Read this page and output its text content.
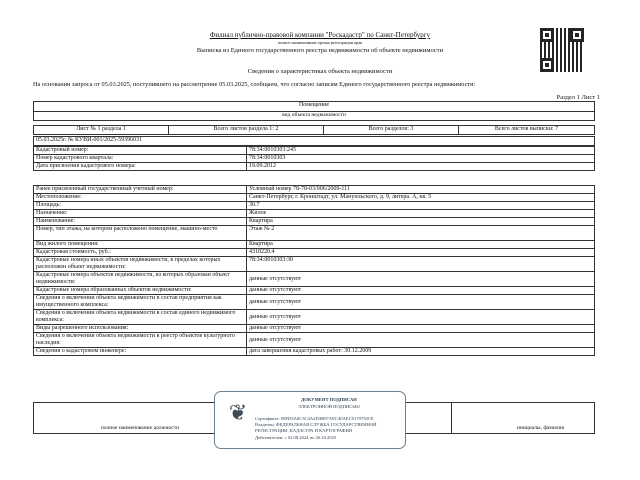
Филиал публично-правовой компании "Роскадастр" по Санкт-Петербургу
полное наименование органа регистрации прав
Выписка из Единого государственного реестра недвижимости об объекте недвижимости
Сведения о характеристиках объекта недвижимости
На основании запроса от 05.03.2025, поступившего на рассмотрение 05.03.2025, сообщаем, что согласно записям Единого государственного реестра недвижимости:
Раздел 1 Лист 1
Помещение
вид объекта недвижимости
Лист № 1 раздела 1	Всего листов раздела 1: 2	Всего разделов: 3	Всего листов выписки: 7
05.03.2025г. № КУВИ-001/2025-59396031
Кадастровый номер:	78:34:0010303:245
Номер кадастрового квартала:	78:34:0010303
Дата присвоения кадастрового номера:	19.09.2012
Ранее присвоенный государственный учетный номер:	Условный номер 78-78-03/006/2009-111
Местоположение:	Санкт-Петербург, г. Кронштадт, ул. Манунльского, д. 9, литера. А, кв. 5
Площадь:	30.7
Назначение:	Жилое
Наименование:	Квартира
Номер, тип этажа, на котором расположено помещение, машино-место	Этаж № 2
Вид жилого помещения:	Квартира
Кадастровая стоимость, руб.:	4310220.4
Кадастровые номера иных объектов недвижимости, в пределах которых расположен объект недвижимости:	78:34:0010303:30
Кадастровые номера объектов недвижимости, из которых образован объект недвижимости:	данные отсутствуют
Кадастровые номера образованных объектов недвижимости:	данные отсутствуют
Сведения о включении объекта недвижимости в состав предприятия как имущественного комплекса:	данные отсутствуют
Сведения о включении объекта недвижимости в состав единого недвижимого комплекса:	данные отсутствуют
Виды разрешенного использования:	данные отсутствуют
Сведения о включении объекта недвижимости в реестр объектов культурного наследия:	данные отсутствуют
Сведения о кадастровом инженере:	дата завершения кадастровых работ: 30.12.2009

полное наименование должности		инициалы, фамилия
❦
ДОКУМЕНТ ПОДПИСАН
ЭЛЕКТРОННОЙ ПОДПИСЬЮ
Сертификат: 00FD3A8C5C4A2D3B97AEC40AEC0170750CE
Владелец: ФЕДЕРАЛЬНАЯ СЛУЖБА ГОСУДАРСТВЕННОЙ
РЕГИСТРАЦИИ, КАДАСТРА И КАРТОГРАФИИ
Действителен: с 02.08.2024 по 26.10.2025
